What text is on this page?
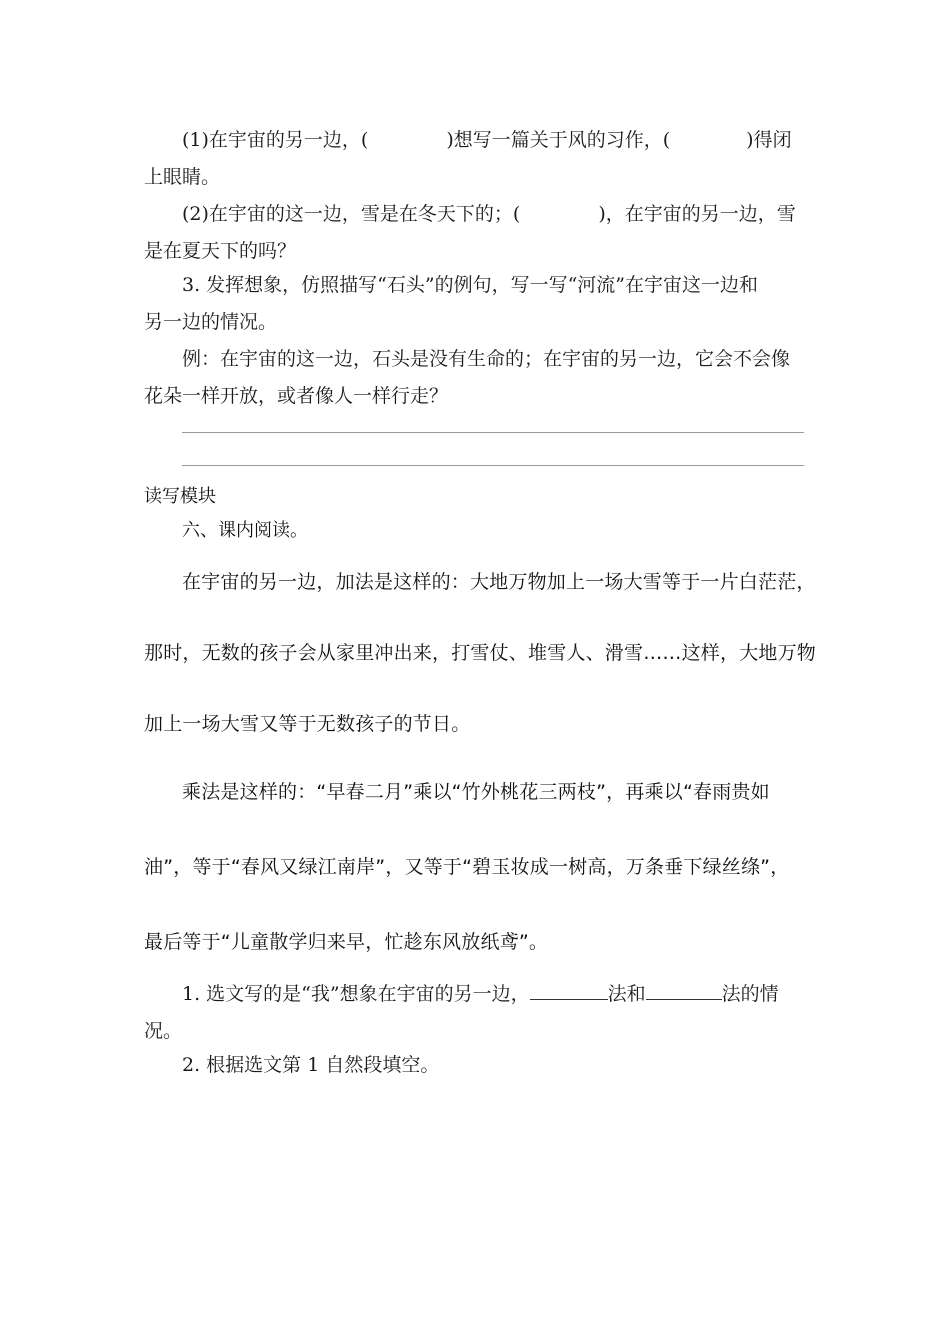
(1)在宇宙的另一边，(	)想写一篇关于风的习作，(	)得闭
上眼睛。
(2)在宇宙的这一边，雪是在冬天下的；(	)，在宇宙的另一边，雪
是在夏天下的吗？
3. 发挥想象，仿照描写“石头”的例句，写一写“河流”在宇宙这一边和
另一边的情况。
例：在宇宙的这一边，石头是没有生命的；在宇宙的另一边，它会不会像
花朵一样开放，或者像人一样行走？
读写模块
六、课内阅读。
在宇宙的另一边，加法是这样的：大地万物加上一场大雪等于一片白茫茫，
那时，无数的孩子会从家里冲出来，打雪仗、堆雪人、滑雪……这样，大地万物
加上一场大雪又等于无数孩子的节日。
乘法是这样的：“早春二月”乘以“竹外桃花三两枝”，再乘以“春雨贵如
油”，等于“春风又绿江南岸”，又等于“碧玉妆成一树高，万条垂下绿丝绦”，
最后等于“儿童散学归来早，忙趁东风放纸鸢”。
1. 选文写的是“我”想象在宇宙的另一边，	法和	法的情
况。
2. 根据选文第 1 自然段填空。
